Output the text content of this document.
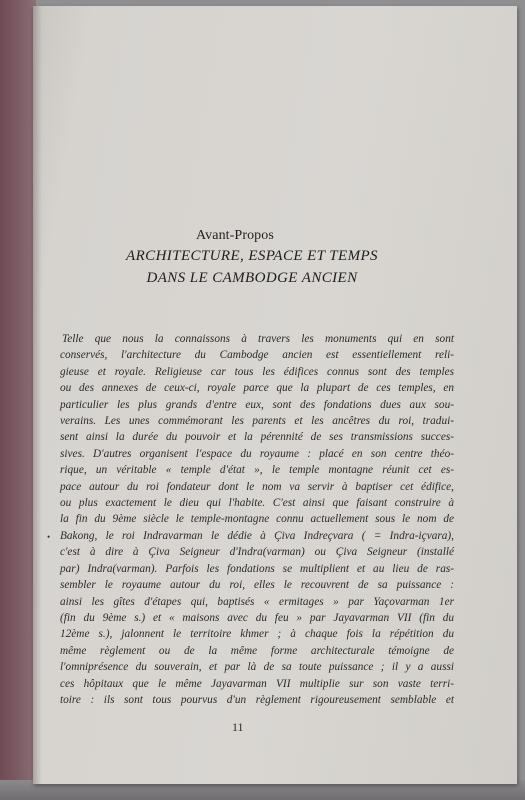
Avant-Propos
ARCHITECTURE, ESPACE ET TEMPS
DANS LE CAMBODGE ANCIEN
Telle que nous la connaissons à travers les monuments qui en sont
conservés, l'architecture du Cambodge ancien est essentiellement reli-
gieuse et royale. Religieuse car tous les édifices connus sont des temples
ou des annexes de ceux-ci, royale parce que la plupart de ces temples, en
particulier les plus grands d'entre eux, sont des fondations dues aux sou-
verains. Les unes commémorant les parents et les ancêtres du roi, tradui-
sent ainsi la durée du pouvoir et la pérennité de ses transmissions succes-
sives. D'autres organisent l'espace du royaume : placé en son centre théo-
rique, un véritable « temple d'état », le temple montagne réunit cet es-
pace autour du roi fondateur dont le nom va servir à baptiser cet édifice,
ou plus exactement le dieu qui l'habite. C'est ainsi que faisant construire à
la fin du 9ème siècle le temple-montagne connu actuellement sous le nom de
Bakong, le roi Indravarman le dédie à Çiva Indreçvara ( = Indra-içvara),
c'est à dire à Çiva Seigneur d'Indra(varman) ou Çiva Seigneur (installé
par) Indra(varman). Parfois les fondations se multiplient et au lieu de ras-
sembler le royaume autour du roi, elles le recouvrent de sa puissance :
ainsi les gîtes d'étapes qui, baptisés « ermitages » par Yaçovarman 1er
(fin du 9ème s.) et « maisons avec du feu » par Jayavarman VII (fin du
12ème s.), jalonnent le territoire khmer ; à chaque fois la répétition du
même règlement ou de la même forme architecturale témoigne de
l'omniprésence du souverain, et par là de sa toute puissance ; il y a aussi
ces hôpitaux que le même Jayavarman VII multiplie sur son vaste terri-
toire : ils sont tous pourvus d'un règlement rigoureusement semblable et
•
11
